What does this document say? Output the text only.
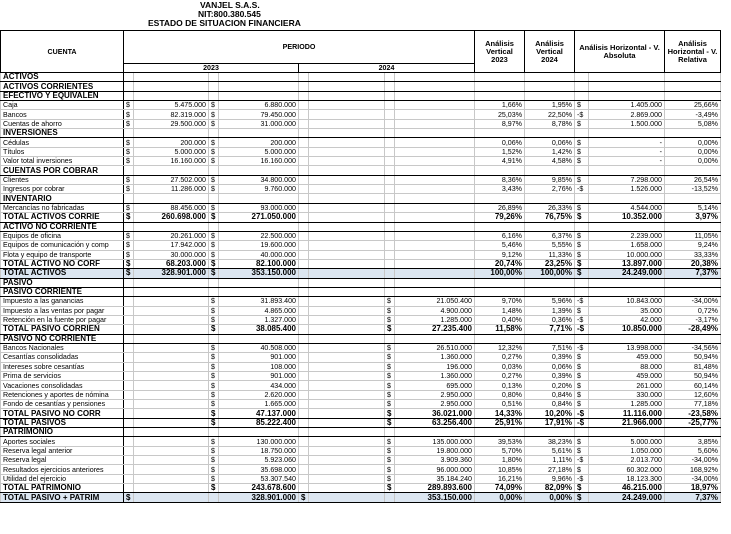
VANJEL S.A.S.
NIT:800.380.545
ESTADO DE SITUACION FINANCIERA
CUENTA	PERIODO								Análisis Vertical 2023	Análisis Vertical 2024	Análisis Horizontal - V. Absoluta		Análisis Horizontal - V. Relativa
	2023				2024								
ACTIVOS													
ACTIVOS CORRIENTES													
EFECTIVO Y EQUIVALEN													
Caja	$	5.475.000	$	6.880.000					1,66%	1,95%	$	1.405.000	25,66%
Bancos	$	82.319.000	$	79.450.000					25,03%	22,50%	-$	2.869.000	-3,49%
Cuentas de ahorro	$	29.500.000	$	31.000.000					8,97%	8,78%	$	1.500.000	5,08%
INVERSIONES													
Cédulas	$	200.000	$	200.000					0,06%	0,06%	$	-	0,00%
Títulos	$	5.000.000	$	5.000.000					1,52%	1,42%	$	-	0,00%
Valor total inversiones	$	16.160.000	$	16.160.000					4,91%	4,58%	$	-	0,00%
CUENTAS POR COBRAR													
Clientes	$	27.502.000	$	34.800.000					8,36%	9,85%	$	7.298.000	26,54%
Ingresos por cobrar	$	11.286.000	$	9.760.000					3,43%	2,76%	-$	1.526.000	-13,52%
INVENTARIO													
Mercancías no fabricadas	$	88.456.000	$	93.000.000					26,89%	26,33%	$	4.544.000	5,14%
TOTAL ACTIVOS CORRIE	$	260.698.000	$	271.050.000					79,26%	76,75%	$	10.352.000	3,97%
ACTIVO NO CORRIENTE													
Equipos de oficina	$	20.261.000	$	22.500.000					6,16%	6,37%	$	2.239.000	11,05%
Equipos de comunicación y comp	$	17.942.000	$	19.600.000					5,46%	5,55%	$	1.658.000	9,24%
Flota y equipo de transporte	$	30.000.000	$	40.000.000					9,12%	11,33%	$	10.000.000	33,33%
TOTAL ACTIVO NO CORF	$	68.203.000	$	82.100.000					20,74%	23,25%	$	13.897.000	20,38%
TOTAL ACTIVOS	$	328.901.000	$	353.150.000					100,00%	100,00%	$	24.249.000	7,37%
PASIVO													
PASIVO CORRIENTE													
Impuesto a las ganancias			$	31.893.400			$	21.050.400	9,70%	5,96%	-$	10.843.000	-34,00%
Impuesto a las ventas por pagar			$	4.865.000			$	4.900.000	1,48%	1,39%	$	35.000	0,72%
Retención en la fuente por pagar			$	1.327.000			$	1.285.000	0,40%	0,36%	-$	42.000	-3,17%
TOTAL PASIVO CORRIEN			$	38.085.400			$	27.235.400	11,58%	7,71%	-$	10.850.000	-28,49%
PASIVO NO CORRIENTE													
Bancos Nacionales			$	40.508.000			$	26.510.000	12,32%	7,51%	-$	13.998.000	-34,56%
Cesantías consolidadas			$	901.000			$	1.360.000	0,27%	0,39%	$	459.000	50,94%
Intereses sobre cesantías			$	108.000			$	196.000	0,03%	0,06%	$	88.000	81,48%
Prima de servicios			$	901.000			$	1.360.000	0,27%	0,39%	$	459.000	50,94%
Vacaciones consolidadas			$	434.000			$	695.000	0,13%	0,20%	$	261.000	60,14%
Retenciones y aportes de nómina			$	2.620.000			$	2.950.000	0,80%	0,84%	$	330.000	12,60%
Fondo de cesantías y pensiones			$	1.665.000			$	2.950.000	0,51%	0,84%	$	1.285.000	77,18%
TOTAL PASIVO NO CORR			$	47.137.000			$	36.021.000	14,33%	10,20%	-$	11.116.000	-23,58%
TOTAL PASIVOS			$	85.222.400			$	63.256.400	25,91%	17,91%	-$	21.966.000	-25,77%
PATRIMONIO													
Aportes sociales			$	130.000.000			$	135.000.000	39,53%	38,23%	$	5.000.000	3,85%
Reserva legal anterior			$	18.750.000			$	19.800.000	5,70%	5,61%	$	1.050.000	5,60%
Reserva legal			$	5.923.060			$	3.909.360	1,80%	1,11%	-$	2.013.700	-34,00%
Resultados ejercicios anteriores			$	35.698.000			$	96.000.000	10,85%	27,18%	$	60.302.000	168,92%
Utilidad del ejercicio			$	53.307.540			$	35.184.240	16,21%	9,96%	-$	18.123.300	-34,00%
TOTAL PATRIMONIO			$	243.678.600			$	289.893.600	74,09%	82,09%	$	46.215.000	18,97%
TOTAL PASIVO + PATRIM	$			328.901.000	$			353.150.000	0,00%	0,00%	$	24.249.000	7,37%
